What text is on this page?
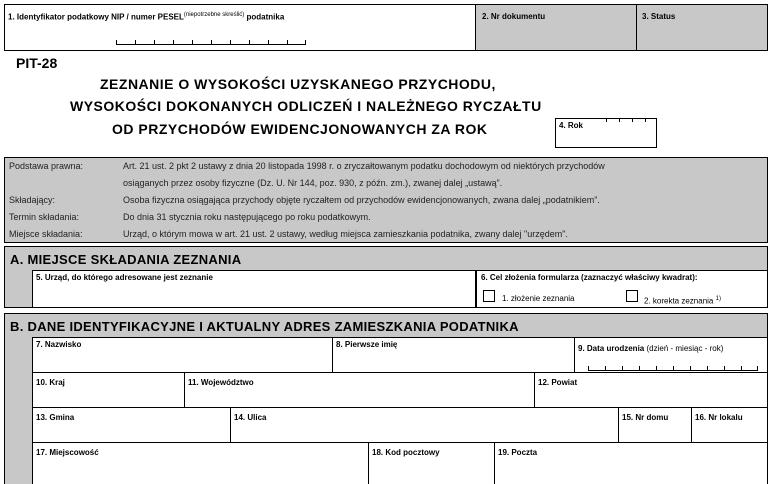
1. Identyfikator podatkowy NIP / numer $PESEL^{(niepotrzebne skreślić)}$ podatnika	2. Nr dokumentu	3. Status
PIT-28
ZEZNANIE O WYSOKOŚCI UZYSKANEGO PRZYCHODU,
WYSOKOŚCI DOKONANYCH ODLICZEŃ I NALEŻNEGO RYCZAŁTU
OD PRZYCHODÓW EWIDENCJONOWANYCH ZA ROK	4. Rok
Podstawa prawna:	Art. 21 ust. 2 pkt 2 ustawy z dnia 20 listopada 1998 r. o zryczałtowanym podatku dochodowym od niektórych przychodów
osiąganych przez osoby fizyczne (Dz. U. Nr 144, poz. 930, z późn. zm.), zwanej dalej „ustawą”.
Składający:	Osoba fizyczna osiągająca przychody objęte ryczałtem od przychodów ewidencjonowanych, zwana dalej „podatnikiem”.
Termin składania:	Do dnia 31 stycznia roku następującego po roku podatkowym.
Miejsce składania:	Urząd, o którym mowa w art. 21 ust. 2 ustawy, według miejsca zamieszkania podatnika, zwany dalej "urzędem".
A. MIEJSCE SKŁADANIA ZEZNANIA
5. Urząd, do którego adresowane jest zeznanie	6. Cel złożenia formularza (zaznaczyć właściwy kwadrat):
1. złożenie zeznania	2. korekta zeznania $^{1)}$
B. DANE IDENTYFIKACYJNE I AKTUALNY ADRES ZAMIESZKANIA PODATNIKA
7. Nazwisko	8. Pierwsze imię	9. Data urodzenia (dzień - miesiąc - rok)
10. Kraj	11. Województwo	12. Powiat
13. Gmina	14. Ulica	15. Nr domu	16. Nr lokalu
17. Miejscowość	18. Kod pocztowy	19. Poczta
